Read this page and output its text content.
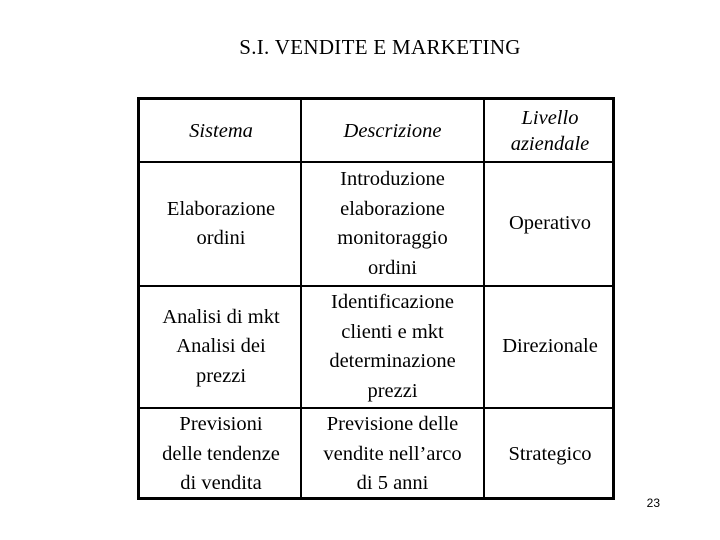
S.I. VENDITE E MARKETING
Sistema	Descrizione
Livello
aziendale
Elaborazione
ordini
Introduzione
elaborazione
monitoraggio
ordini
Operativo
Analisi di mkt
Analisi dei
prezzi
Identificazione
clienti e mkt
determinazione
prezzi
Direzionale
Previsioni
delle tendenze
di vendita
Previsione delle
vendite nell’arco
di 5 anni
Strategico
23
